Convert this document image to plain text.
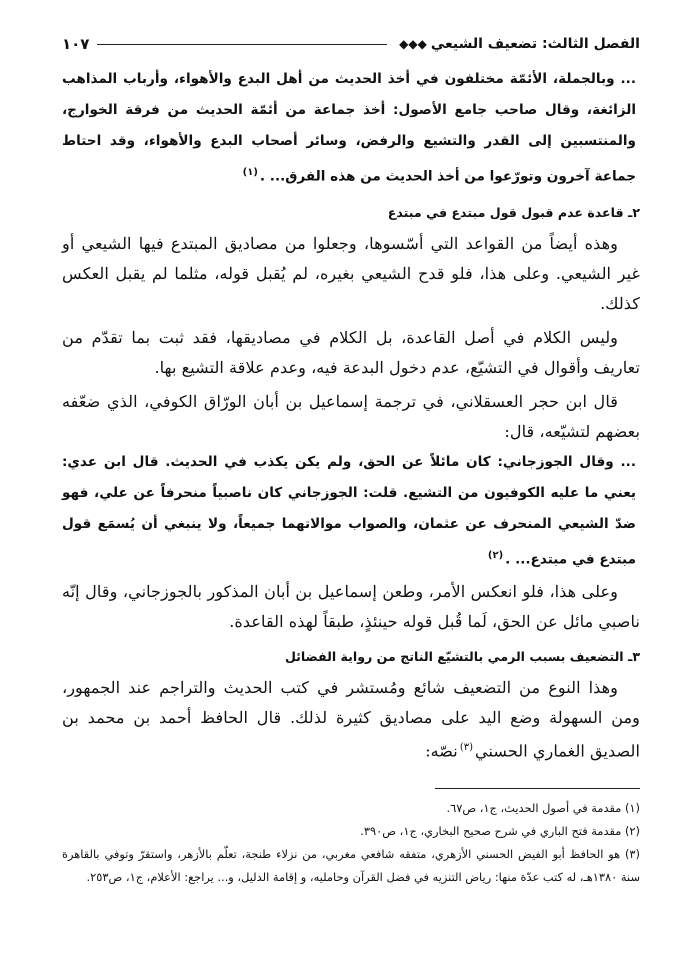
الفصل الثالث: تضعيف الشيعي
◆◆◆
١٠٧
... وبالجملة، الأئمّة مختلفون في أخذ الحديث من أهل البدع والأهواء، وأرباب المذاهب الزائغة، وقال صاحب جامع الأصول: أخذ جماعة من أئمّة الحديث من فرقة الخوارج، والمنتسبين إلى القدر والتشيع والرفض، وسائر أصحاب البدع والأهواء، وقد احتاط جماعة آخرون وتورّعوا من أخذ الحديث من هذه الفرق... .$^{(١)}$
٢ـ قاعدة عدم قبول قول مبتدع في مبتدع

وهذه أيضاً من القواعد التي أسّسوها، وجعلوا من مصاديق المبتدع فيها الشيعي أو غير الشيعي. وعلى هذا، فلو قدح الشيعي بغيره، لم يُقبل قوله، مثلما لم يقبل العكس كذلك.

وليس الكلام في أصل القاعدة، بل الكلام في مصاديقها، فقد ثبت بما تقدّم من تعاريف وأقوال في التشيّع، عدم دخول البدعة فيه، وعدم علاقة التشيع بها.

قال ابن حجر العسقلاني، في ترجمة إسماعيل بن أبان الورّاق الكوفي، الذي ضعّفه بعضهم لتشيّعه، قال:

... وقال الجوزجاني: كان مائلاً عن الحق، ولم يكن يكذب في الحديث. قال ابن عدي: يعني ما عليه الكوفيون من التشيع. قلت: الجوزجاني كان ناصبياً منحرفاً عن علي، فهو ضدّ الشيعي المنحرف عن عثمان، والصواب موالاتهما جميعاً، ولا ينبغي أن يُسمَع قول مبتدع في مبتدع... .$^{(٢)}$

وعلى هذا، فلو انعكس الأمر، وطعن إسماعيل بن أبان المذكور بالجوزجاني، وقال إنّه ناصبي مائل عن الحق، لَما قُبل قوله حينئذٍ، طبقاً لهذه القاعدة.

٣ـ التضعيف بسبب الرمي بالتشيّع الناتج من رواية الفضائل

وهذا النوع من التضعيف شائع ومُستشر في كتب الحديث والتراجم عند الجمهور، ومن السهولة وضع اليد على مصاديق كثيرة لذلك. قال الحافظ أحمد بن محمد بن الصديق الغماري الحسني$^{(٣)}$نصّه:

(١) مقدمة في أصول الحديث، ج١، ص٦٧.
(٢) مقدمة فتح الباري في شرح صحيح البخاري، ج١، ص٣٩٠.
(٣) هو الحافظ أبو الفيض الحسني الأزهري، متفقه شافعي مغربي، من نزلاء طنجة، تعلّم بالأزهر، واستقرّ وتوفي بالقاهرة سنة ١٣٨٠هـ، له كتب عدّة منها: رياض التنزيه في فضل القرآن وحامليه، و إقامة الدليل، و... يراجع: الأعلام، ج١، ص٢٥٣.
